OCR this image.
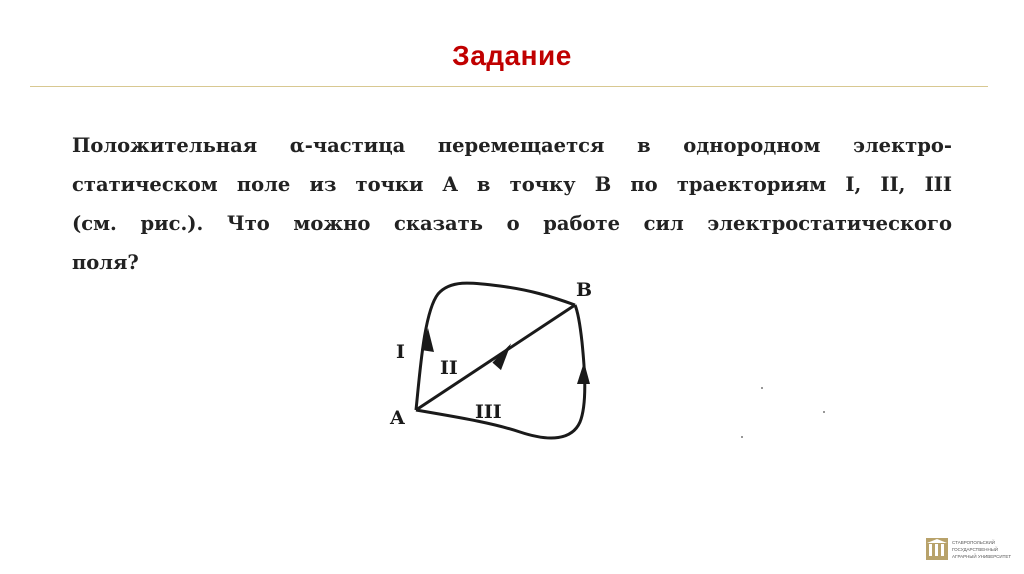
Задание
Положительная α-частица перемещается в однородном электро-
статическом поле из точки A в точку B по траекториям I, II, III
(см. рис.). Что можно сказать о работе сил электростатического
поля?
A
B
I
II
III
СТАВРОПОЛЬСКИЙ
ГОСУДАРСТВЕННЫЙ
АГРАРНЫЙ УНИВЕРСИТЕТ
